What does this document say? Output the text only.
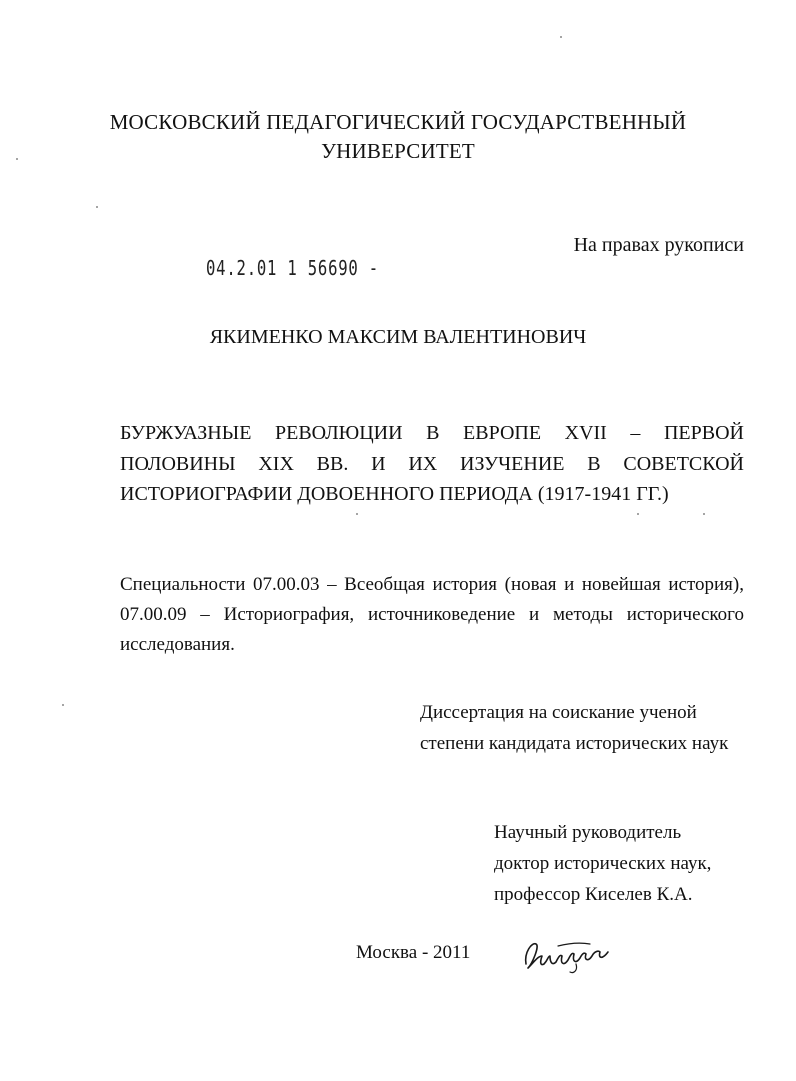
МОСКОВСКИЙ ПЕДАГОГИЧЕСКИЙ ГОСУДАРСТВЕННЫЙ
УНИВЕРСИТЕТ
На правах рукописи
04.2.01 1 56690 -
ЯКИМЕНКО МАКСИМ ВАЛЕНТИНОВИЧ
БУРЖУАЗНЫЕ РЕВОЛЮЦИИ В ЕВРОПЕ XVII – ПЕРВОЙ ПОЛОВИНЫ XIX ВВ. И ИХ ИЗУЧЕНИЕ В СОВЕТСКОЙ ИСТОРИОГРАФИИ ДОВОЕННОГО ПЕРИОДА (1917-1941 ГГ.)
Специальности 07.00.03 – Всеобщая история (новая и новейшая история), 07.00.09 – Историография, источниковедение и методы исторического исследования.
Диссертация на соискание ученой
степени кандидата исторических наук
Научный руководитель
доктор исторических наук,
профессор Киселев К.А.
Москва - 2011
